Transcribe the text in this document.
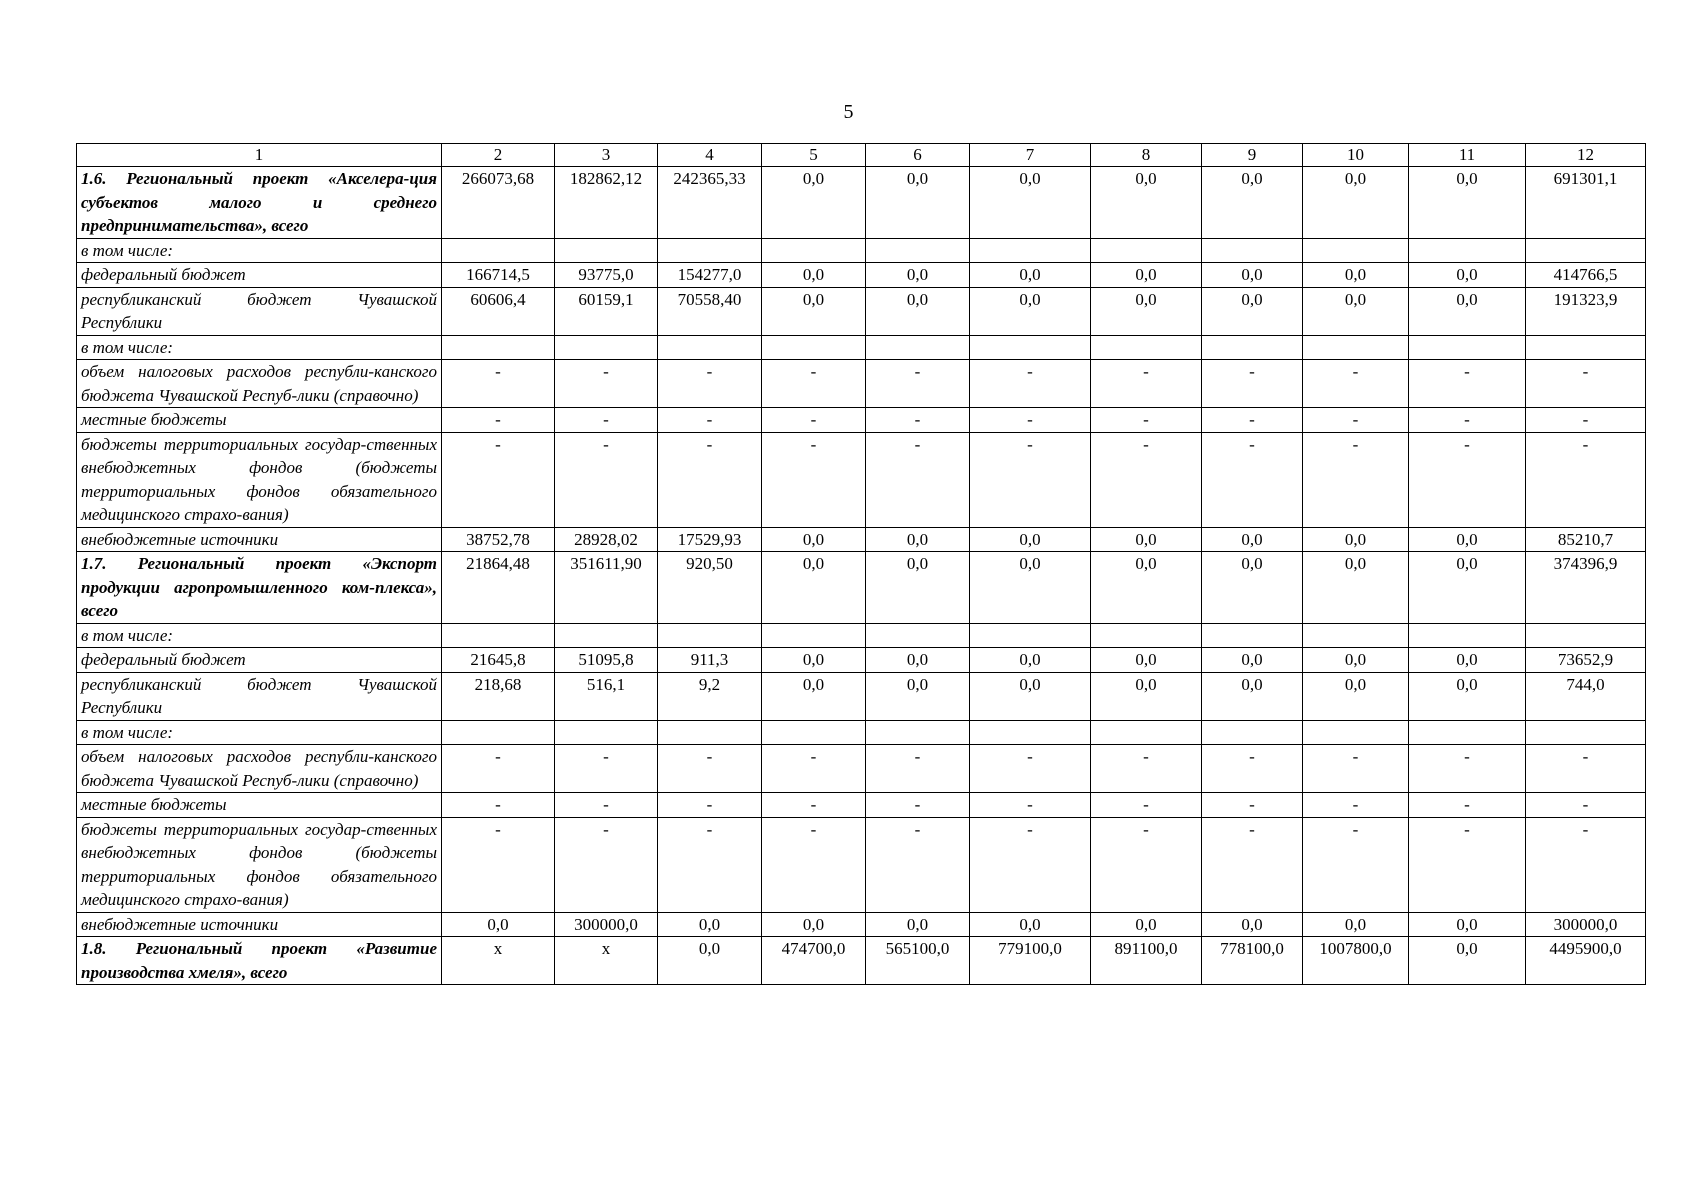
5
1	2	3	4	5	6	7	8	9	10	11	12
1.6. Региональный проект «Акселера-ция субъектов малого и среднего предпринимательства», всего	266073,68	182862,12	242365,33	0,0	0,0	0,0	0,0	0,0	0,0	0,0	691301,1
в том числе:											
федеральный бюджет	166714,5	93775,0	154277,0	0,0	0,0	0,0	0,0	0,0	0,0	0,0	414766,5
республиканский бюджет Чувашской Республики	60606,4	60159,1	70558,40	0,0	0,0	0,0	0,0	0,0	0,0	0,0	191323,9
в том числе:											
объем налоговых расходов республи-канского бюджета Чувашской Респуб-лики (справочно)	-	-	-	-	-	-	-	-	-	-	-
местные бюджеты	-	-	-	-	-	-	-	-	-	-	-
бюджеты территориальных государ-ственных внебюджетных фондов (бюджеты территориальных фондов обязательного медицинского страхо-вания)	-	-	-	-	-	-	-	-	-	-	-
внебюджетные источники	38752,78	28928,02	17529,93	0,0	0,0	0,0	0,0	0,0	0,0	0,0	85210,7
1.7. Региональный проект «Экспорт продукции агропромышленного ком-плекса», всего	21864,48	351611,90	920,50	0,0	0,0	0,0	0,0	0,0	0,0	0,0	374396,9
в том числе:											
федеральный бюджет	21645,8	51095,8	911,3	0,0	0,0	0,0	0,0	0,0	0,0	0,0	73652,9
республиканский бюджет Чувашской Республики	218,68	516,1	9,2	0,0	0,0	0,0	0,0	0,0	0,0	0,0	744,0
в том числе:											
объем налоговых расходов республи-канского бюджета Чувашской Респуб-лики (справочно)	-	-	-	-	-	-	-	-	-	-	-
местные бюджеты	-	-	-	-	-	-	-	-	-	-	-
бюджеты территориальных государ-ственных внебюджетных фондов (бюджеты территориальных фондов обязательного медицинского страхо-вания)	-	-	-	-	-	-	-	-	-	-	-
внебюджетные источники	0,0	300000,0	0,0	0,0	0,0	0,0	0,0	0,0	0,0	0,0	300000,0
1.8. Региональный проект «Развитие производства хмеля», всего	х	х	0,0	474700,0	565100,0	779100,0	891100,0	778100,0	1007800,0	0,0	4495900,0
